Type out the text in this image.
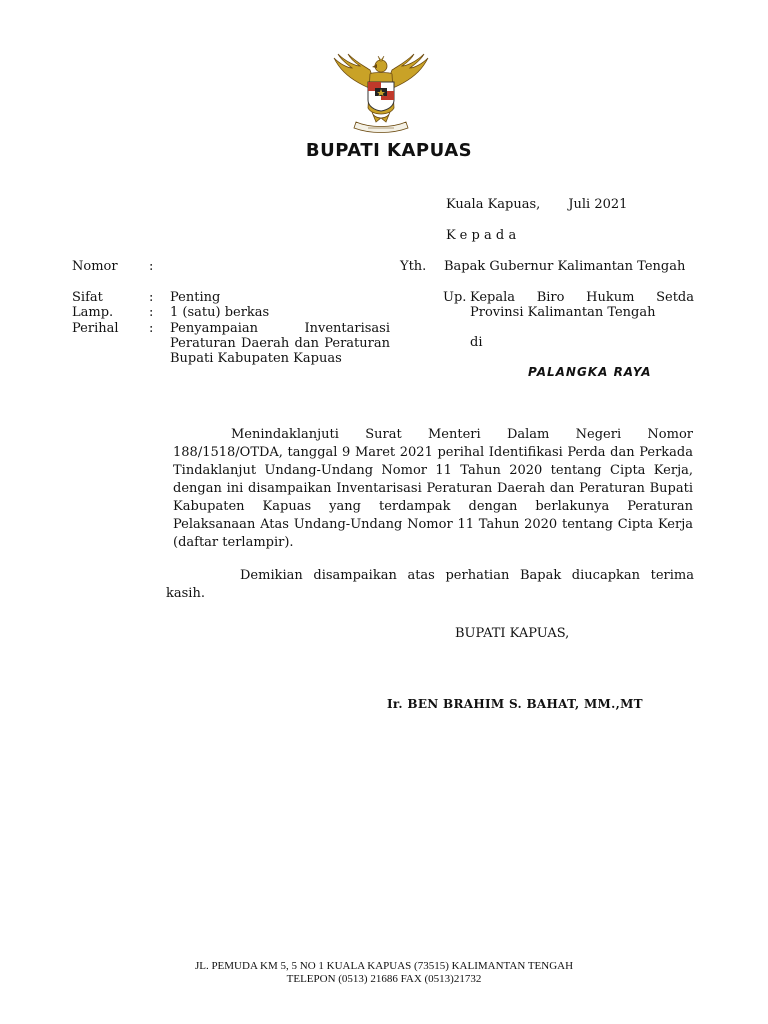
BUPATI KAPUAS
Kuala Kapuas, Juli 2021
Kepada
Nomor :
Sifat	: Penting
Lamp.	: 1 (satu) berkas
Perihal : Penyampaian Inventarisasi Peraturan Daerah dan Peraturan Bupati Kabupaten Kapuas
Yth. Bapak Gubernur Kalimantan Tengah
Up. Kepala Biro Hukum Setda Provinsi Kalimantan Tengah
di
PALANGKA RAYA
Menindaklanjuti Surat Menteri Dalam Negeri Nomor 188/1518/OTDA, tanggal 9 Maret 2021 perihal Identifikasi Perda dan Perkada Tindaklanjut Undang-Undang Nomor 11 Tahun 2020 tentang Cipta Kerja, dengan ini disampaikan Inventarisasi Peraturan Daerah dan Peraturan Bupati Kabupaten Kapuas yang terdampak dengan berlakunya Peraturan Pelaksanaan Atas Undang-Undang Nomor 11 Tahun 2020 tentang Cipta Kerja (daftar terlampir).
Demikian disampaikan atas perhatian Bapak diucapkan terima kasih.
BUPATI KAPUAS,
Ir. BEN BRAHIM S. BAHAT, MM.,MT
JL. PEMUDA KM 5, 5 NO 1 KUALA KAPUAS (73515) KALIMANTAN TENGAH
TELEPON (0513) 21686 FAX (0513)21732
